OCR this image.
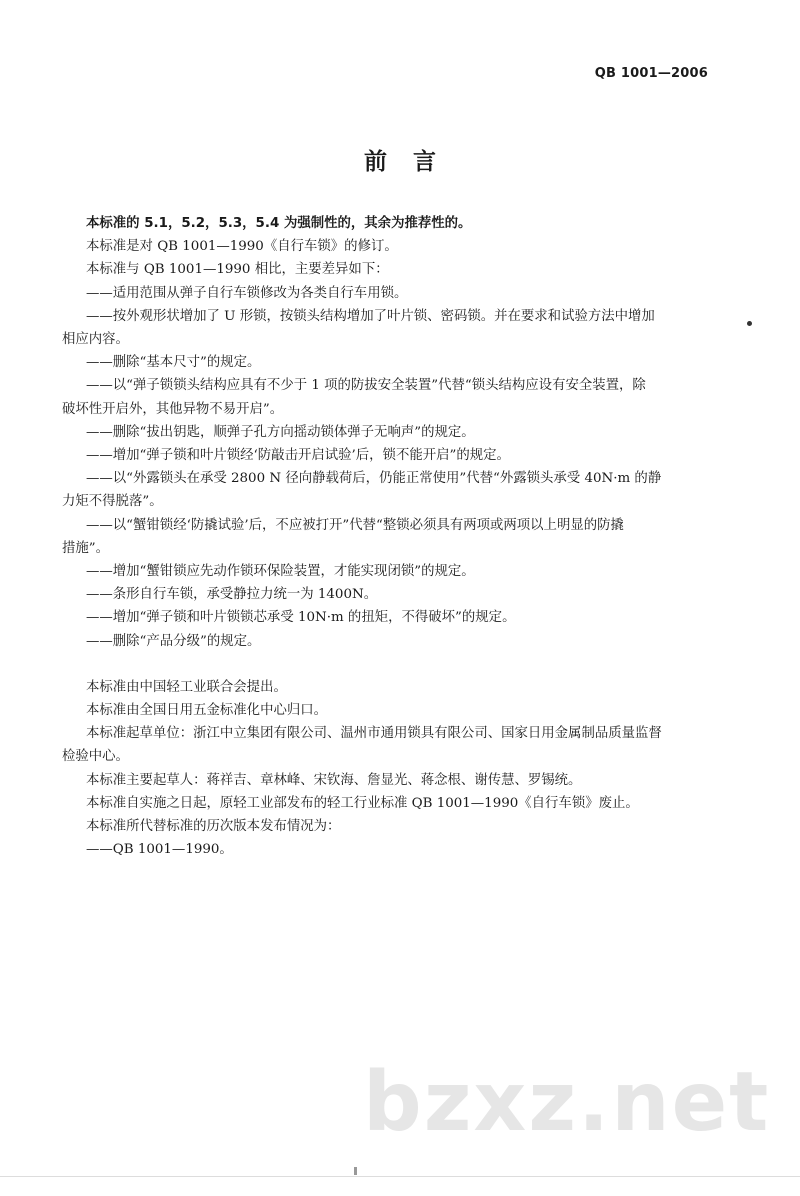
QB 1001—2006
前言

本标准的 5.1，5.2，5.3，5.4 为强制性的，其余为推荐性的。

本标准是对 QB 1001—1990《自行车锁》的修订。

本标准与 QB 1001—1990 相比，主要差异如下：

——适用范围从弹子自行车锁修改为各类自行车用锁。

——按外观形状增加了 U 形锁，按锁头结构增加了叶片锁、密码锁。并在要求和试验方法中增加

相应内容。

——删除“基本尺寸”的规定。

——以“弹子锁锁头结构应具有不少于 1 项的防拔安全装置”代替“锁头结构应设有安全装置，除

破坏性开启外，其他异物不易开启”。

——删除“拔出钥匙，顺弹子孔方向摇动锁体弹子无响声”的规定。

——增加“弹子锁和叶片锁经‘防敲击开启试验’后，锁不能开启”的规定。

——以“外露锁头在承受 2800 N 径向静载荷后，仍能正常使用”代替“外露锁头承受 40N·m 的静

力矩不得脱落”。

——以“蟹钳锁经‘防撬试验’后，不应被打开”代替“整锁必须具有两项或两项以上明显的防撬

措施”。

——增加“蟹钳锁应先动作锁环保险装置，才能实现闭锁”的规定。

——条形自行车锁，承受静拉力统一为 1400N。

——增加“弹子锁和叶片锁锁芯承受 10N·m 的扭矩，不得破坏”的规定。

——删除“产品分级”的规定。

本标准由中国轻工业联合会提出。

本标准由全国日用五金标准化中心归口。

本标准起草单位：浙江中立集团有限公司、温州市通用锁具有限公司、国家日用金属制品质量监督

检验中心。

本标准主要起草人：蒋祥吉、章林峰、宋钦海、詹显光、蒋念根、谢传慧、罗锡统。

本标准自实施之日起，原轻工业部发布的轻工行业标准 QB 1001—1990《自行车锁》废止。

本标准所代替标准的历次版本发布情况为：

——QB 1001—1990。

bzxz.net
